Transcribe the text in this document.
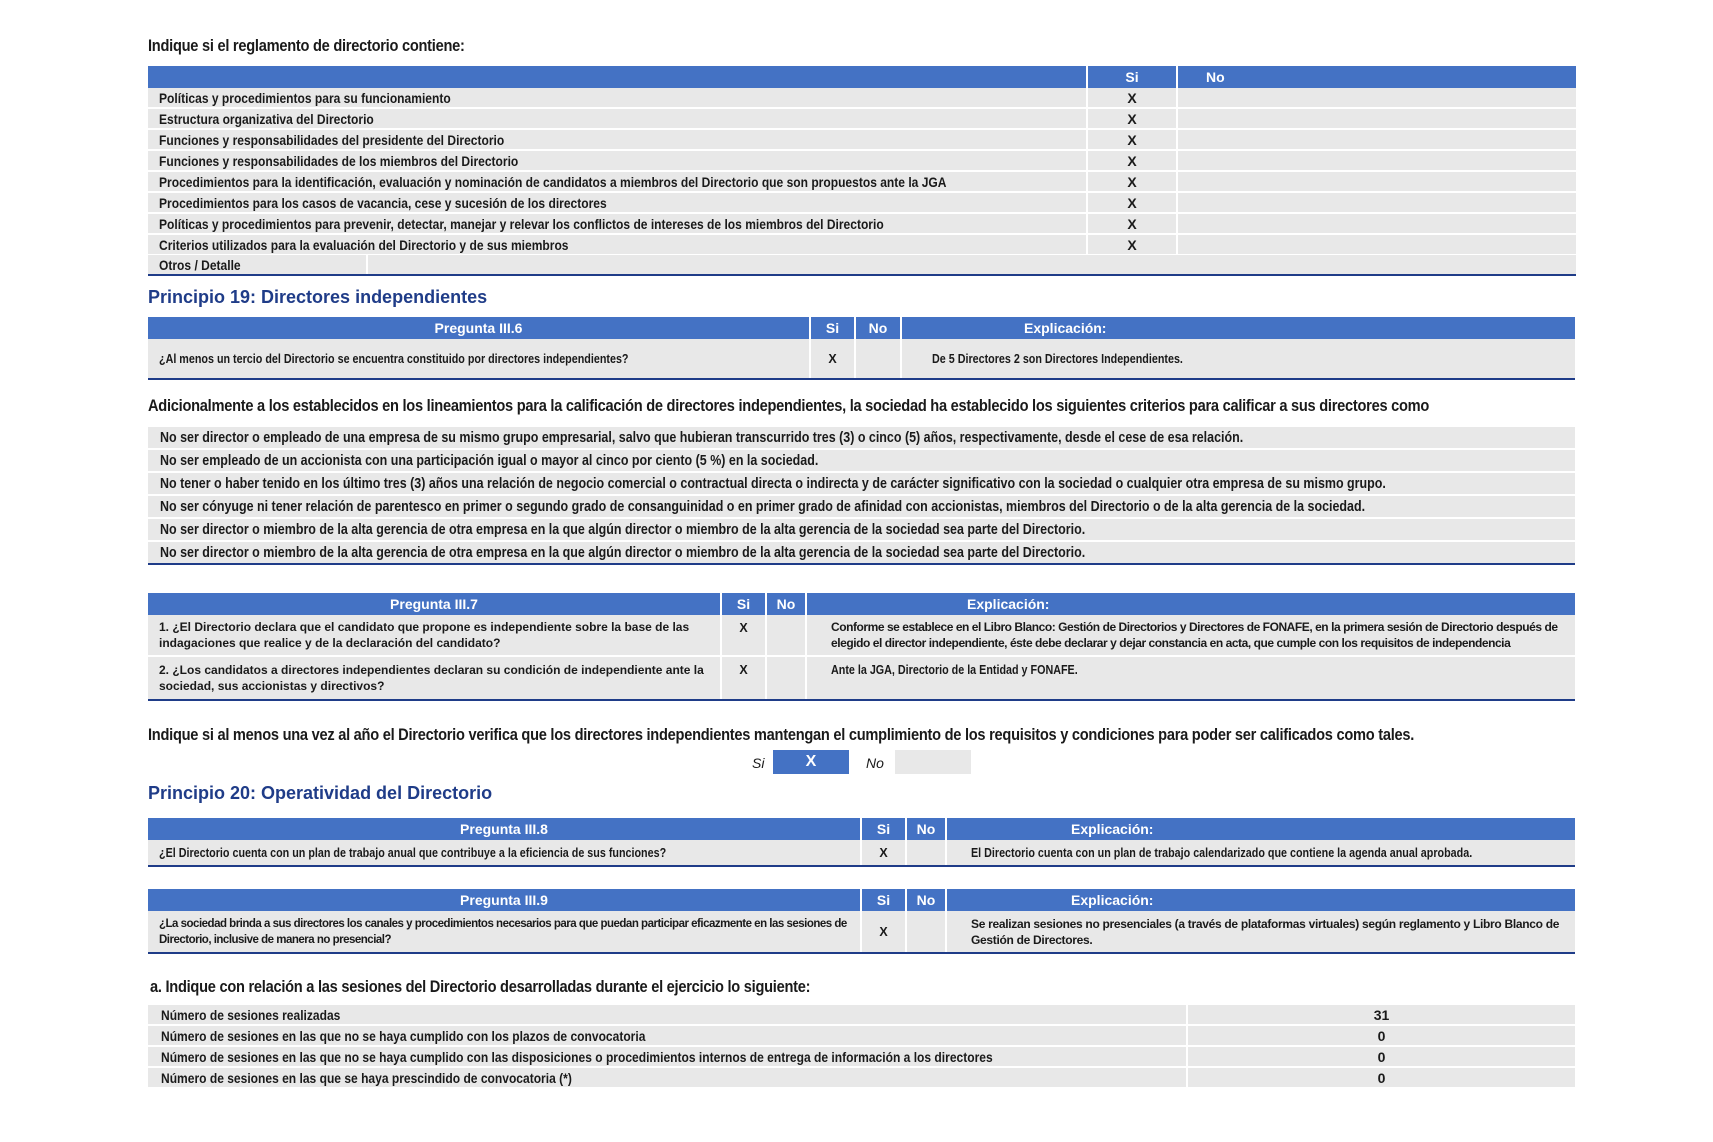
Indique si el reglamento de directorio contiene:
	Si	No
Políticas y procedimientos para su funcionamiento	X	
Estructura organizativa del Directorio	X	
Funciones y responsabilidades del presidente del Directorio	X	
Funciones y responsabilidades de los miembros del Directorio	X	
Procedimientos para la identificación, evaluación y nominación de candidatos a miembros del Directorio que son propuestos ante la JGA	X	
Procedimientos para los casos de vacancia, cese y sucesión de los directores	X	
Políticas y procedimientos para prevenir, detectar, manejar y relevar los conflictos de intereses de los miembros del Directorio	X	
Criterios utilizados para la evaluación del Directorio y de sus miembros	X	
Otros / Detalle	
Principio 19: Directores independientes
Pregunta III.6	Si	No	Explicación:
¿Al menos un tercio del Directorio se encuentra constituido por directores independientes?	X		De 5 Directores 2 son Directores Independientes.
Adicionalmente a los establecidos en los lineamientos para la calificación de directores independientes, la sociedad ha establecido los siguientes criterios para calificar a sus directores como
No ser director o empleado de una empresa de su mismo grupo empresarial, salvo que hubieran transcurrido tres (3) o cinco (5) años, respectivamente, desde el cese de esa relación.
No ser empleado de un accionista con una participación igual o mayor al cinco por ciento (5 %) en la sociedad.
No tener o haber tenido en los último tres (3) años una relación de negocio comercial o contractual directa o indirecta y de carácter significativo con la sociedad o cualquier otra empresa de su mismo grupo.
No ser cónyuge ni tener relación de parentesco en primer o segundo grado de consanguinidad o en primer grado de afinidad con accionistas, miembros del Directorio o de la alta gerencia de la sociedad.
No ser director o miembro de la alta gerencia de otra empresa en la que algún director o miembro de la alta gerencia de la sociedad sea parte del Directorio.
No ser director o miembro de la alta gerencia de otra empresa en la que algún director o miembro de la alta gerencia de la sociedad sea parte del Directorio.
Pregunta III.7	Si	No	Explicación:

1. ¿El Directorio declara que el candidato que propone es independiente sobre la base de las indagaciones que realice y de la declaración del candidato?	X		Conforme se establece en el Libro Blanco: Gestión de Directorios y Directores de FONAFE, en la primera sesión de Directorio después de elegido el director independiente, éste debe declarar y dejar constancia en acta, que cumple con los requisitos de independencia

2. ¿Los candidatos a directores independientes declaran su condición de independiente ante la sociedad, sus accionistas y directivos?	X		Ante la JGA, Directorio de la Entidad y FONAFE.
Indique si al menos una vez al año el Directorio verifica que los directores independientes mantengan el cumplimiento de los requisitos y condiciones para poder ser calificados como tales.
Si	X	No
Principio 20: Operatividad del Directorio
Pregunta III.8	Si	No	Explicación:
¿El Directorio cuenta con un plan de trabajo anual que contribuye a la eficiencia de sus funciones?	X		El Directorio cuenta con un plan de trabajo calendarizado que contiene la agenda anual aprobada.
Pregunta III.9	Si	No	Explicación:

¿La sociedad brinda a sus directores los canales y procedimientos necesarios para que puedan participar eficazmente en las sesiones de Directorio, inclusive de manera no presencial?	X		Se realizan sesiones no presenciales (a través de plataformas virtuales) según reglamento y Libro Blanco de Gestión de Directores.
a. Indique con relación a las sesiones del Directorio desarrolladas durante el ejercicio lo siguiente:
Número de sesiones realizadas	31
Número de sesiones en las que no se haya cumplido con los plazos de convocatoria	0
Número de sesiones en las que no se haya cumplido con las disposiciones o procedimientos internos de entrega de información a los directores	0
Número de sesiones en las que se haya prescindido de convocatoria (*)	0
